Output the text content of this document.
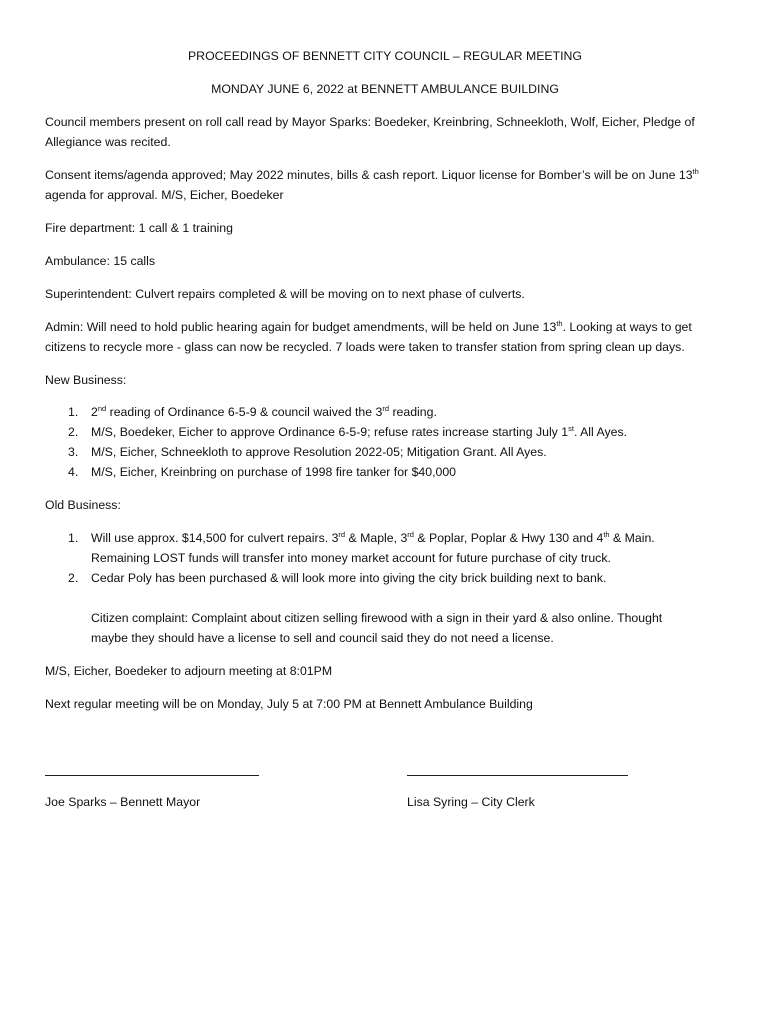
PROCEEDINGS OF BENNETT CITY COUNCIL – REGULAR MEETING
MONDAY JUNE 6, 2022 at BENNETT AMBULANCE BUILDING
Council members present on roll call read by Mayor Sparks: Boedeker, Kreinbring, Schneekloth, Wolf, Eicher, Pledge of
Allegiance was recited.
Consent items/agenda approved; May 2022 minutes, bills & cash report. Liquor license for Bomber’s will be on June 13th
agenda for approval. M/S, Eicher, Boedeker
Fire department: 1 call & 1 training
Ambulance: 15 calls
Superintendent: Culvert repairs completed & will be moving on to next phase of culverts.
Admin: Will need to hold public hearing again for budget amendments, will be held on June 13th. Looking at ways to get
citizens to recycle more - glass can now be recycled. 7 loads were taken to transfer station from spring clean up days.
New Business:
1. 2nd reading of Ordinance 6-5-9 & council waived the 3rd reading.
2. M/S, Boedeker, Eicher to approve Ordinance 6-5-9; refuse rates increase starting July 1st. All Ayes.
3. M/S, Eicher, Schneekloth to approve Resolution 2022-05; Mitigation Grant. All Ayes.
4. M/S, Eicher, Kreinbring on purchase of 1998 fire tanker for $40,000
Old Business:
1. Will use approx. $14,500 for culvert repairs. 3rd & Maple, 3rd & Poplar, Poplar & Hwy 130 and 4th & Main.
Remaining LOST funds will transfer into money market account for future purchase of city truck.
2. Cedar Poly has been purchased & will look more into giving the city brick building next to bank.
Citizen complaint: Complaint about citizen selling firewood with a sign in their yard & also online. Thought
maybe they should have a license to sell and council said they do not need a license.
M/S, Eicher, Boedeker to adjourn meeting at 8:01PM
Next regular meeting will be on Monday, July 5 at 7:00 PM at Bennett Ambulance Building
Joe Sparks – Bennett Mayor	Lisa Syring – City Clerk
